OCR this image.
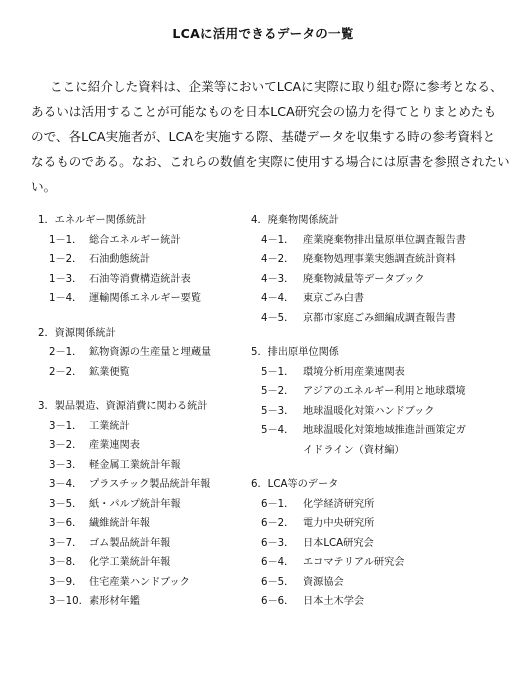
LCAに活用できるデータの一覧
ここに紹介した資料は、企業等においてLCAに実際に取り組む際に参考となる、
あるいは活用することが可能なものを日本LCA研究会の協力を得てとりまとめたも
ので、各LCA実施者が、LCAを実施する際、基礎データを収集する時の参考資料と
なるものである。なお、これらの数値を実際に使用する場合には原書を参照されたい
い。
1．エネルギー関係統計
1－1． 総合エネルギー統計
1－2． 石油動態統計
1－3． 石油等消費構造統計表
1－4． 運輸関係エネルギー要覧
2．資源関係統計
2－1． 鉱物資源の生産量と埋蔵量
2－2． 鉱業便覧
3．製品製造、資源消費に関わる統計
3－1． 工業統計
3－2． 産業連関表
3－3． 軽金属工業統計年報
3－4． プラスチック製品統計年報
3－5． 紙・パルプ統計年報
3－6． 繊維統計年報
3－7． ゴム製品統計年報
3－8． 化学工業統計年報
3－9． 住宅産業ハンドブック
3－10. 素形材年鑑
4．廃棄物関係統計
4－1． 産業廃棄物排出量原単位調査報告書
4－2． 廃棄物処理事業実態調査統計資料
4－3． 廃棄物減量等データブック
4－4． 東京ごみ白書
4－5． 京都市家庭ごみ細編成調査報告書
5．排出原単位関係
5－1． 環境分析用産業連関表
5－2． アジアのエネルギー利用と地球環境
5－3． 地球温暖化対策ハンドブック
5－4． 地球温暖化対策地域推進計画策定ガ
イドライン（資材編）
6．LCA等のデータ
6－1． 化学経済研究所
6－2． 電力中央研究所
6－3． 日本LCA研究会
6－4． エコマテリアル研究会
6－5． 資源協会
6－6． 日本土木学会
